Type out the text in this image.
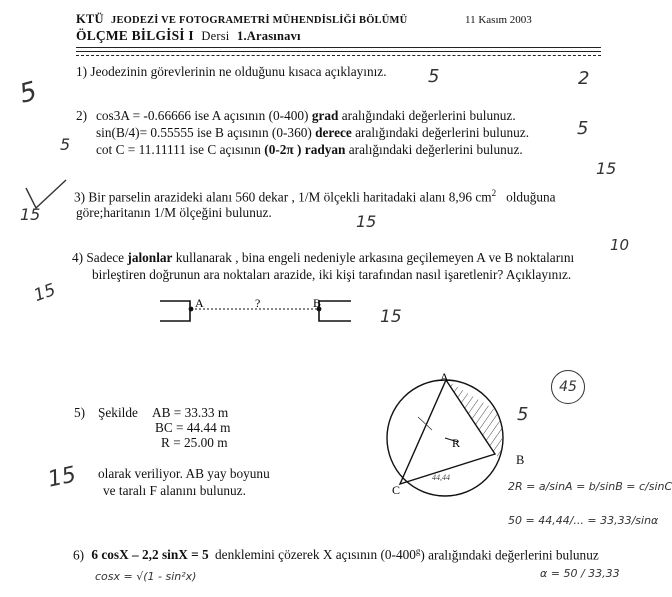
KTÜ JEODEZİ VE FOTOGRAMETRİ MÜHENDİSLİĞİ BÖLÜMÜ	11 Kasım 2003
ÖLÇME BİLGİSİ I Dersi 1.Arasınavı
1) Jeodezinin görevlerinin ne olduğunu kısaca açıklayınız.
2) cos3A = -0.66666 ise A açısının (0-400) grad aralığındaki değerlerini bulunuz.
sin(B/4)= 0.55555 ise B açısının (0-360) derece aralığındaki değerlerini bulunuz.
cot C = 11.11111 ise C açısının (0-2π ) radyan aralığındaki değerlerini bulunuz.
3) Bir parselin arazideki alanı 560 dekar , 1/M ölçekli haritadaki alanı 8,96 $cm^2$   olduğuna
göre;haritanın 1/M ölçeğini bulunuz.
4) Sadece jalonlar kullanarak , bina engeli nedeniyle arkasına geçilemeyen A ve B noktalarını
birleştiren doğrunun ara noktaları arazide, iki kişi tarafından nasıl işaretlenir? Açıklayınız.
A	?	B
5) Şekilde AB = 33.33 m
BC = 44.44 m
R = 25.00 m
olarak veriliyor. AB yay boyunu
ve taralı F alanını bulunuz.
A
C
R
44,44
B
6) 6 cosX – 2,2 sinX = 5 denklemini çözerek X açısının (0-400$^g$) aralığındaki değerlerini bulunuz
5	2
5
5
5
15
15	15
10
15
15
45
5
15	2R = a/sinA = b/sinB = c/sinC
50 = 44,44/... = 33,33/sinα
α = 50 / 33,33
cosx = √(1 - sin²x)
